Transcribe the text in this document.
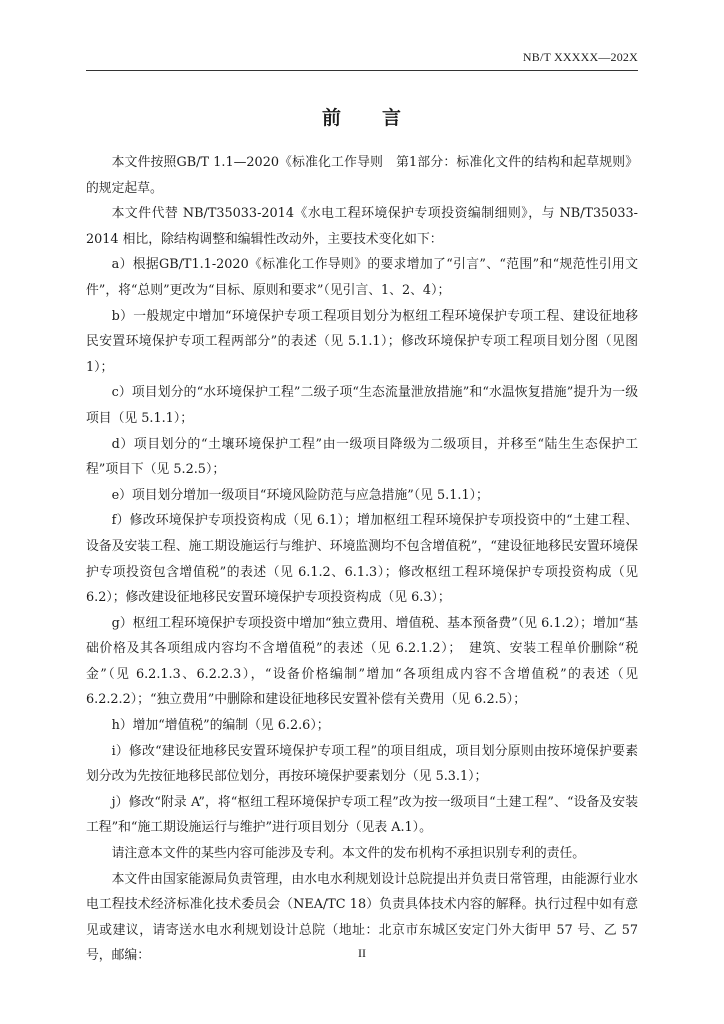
NB/T XXXXX—202X
前 言

本文件按照GB/T 1.1—2020《标准化工作导则　第1部分：标准化文件的结构和起草规则》的规定起草。

本文件代替 NB/T35033-2014《水电工程环境保护专项投资编制细则》，与 NB/T35033-2014 相比，除结构调整和编辑性改动外，主要技术变化如下：

a）根据GB/T1.1-2020《标准化工作导则》的要求增加了“引言”、“范围”和“规范性引用文件”，将“总则”更改为“目标、原则和要求”（见引言、1、2、4）；

b）一般规定中增加“环境保护专项工程项目划分为枢纽工程环境保护专项工程、建设征地移民安置环境保护专项工程两部分”的表述（见 5.1.1）；修改环境保护专项工程项目划分图（见图 1）；

c）项目划分的“水环境保护工程”二级子项“生态流量泄放措施”和“水温恢复措施”提升为一级项目（见 5.1.1）；

d）项目划分的“土壤环境保护工程”由一级项目降级为二级项目，并移至“陆生生态保护工程”项目下（见 5.2.5）；

e）项目划分增加一级项目“环境风险防范与应急措施”（见 5.1.1）；

f）修改环境保护专项投资构成（见 6.1）；增加枢纽工程环境保护专项投资中的“土建工程、设备及安装工程、施工期设施运行与维护、环境监测均不包含增值税”，“建设征地移民安置环境保护专项投资包含增值税”的表述（见 6.1.2、6.1.3）；修改枢纽工程环境保护专项投资构成（见 6.2）；修改建设征地移民安置环境保护专项投资构成（见 6.3）；

g）枢纽工程环境保护专项投资中增加“独立费用、增值税、基本预备费”（见 6.1.2）；增加“基础价格及其各项组成内容均不含增值税”的表述（见 6.2.1.2）；　建筑、安装工程单价删除“税金”（见 6.2.1.3、6.2.2.3），“设备价格编制”增加“各项组成内容不含增值税”的表述（见 6.2.2.2）；“独立费用”中删除和建设征地移民安置补偿有关费用（见 6.2.5）；

h）增加“增值税”的编制（见 6.2.6）；

i）修改“建设征地移民安置环境保护专项工程”的项目组成，项目划分原则由按环境保护要素划分改为先按征地移民部位划分，再按环境保护要素划分（见 5.3.1）；

j）修改“附录 A”，将“枢纽工程环境保护专项工程”改为按一级项目“土建工程”、“设备及安装工程”和“施工期设施运行与维护”进行项目划分（见表 A.1）。

请注意本文件的某些内容可能涉及专利。本文件的发布机构不承担识别专利的责任。

本文件由国家能源局负责管理，由水电水利规划设计总院提出并负责日常管理，由能源行业水电工程技术经济标准化技术委员会（NEA/TC 18）负责具体技术内容的解释。执行过程中如有意见或建议，请寄送水电水利规划设计总院（地址：北京市东城区安定门外大街甲 57 号、乙 57 号，邮编：	II
